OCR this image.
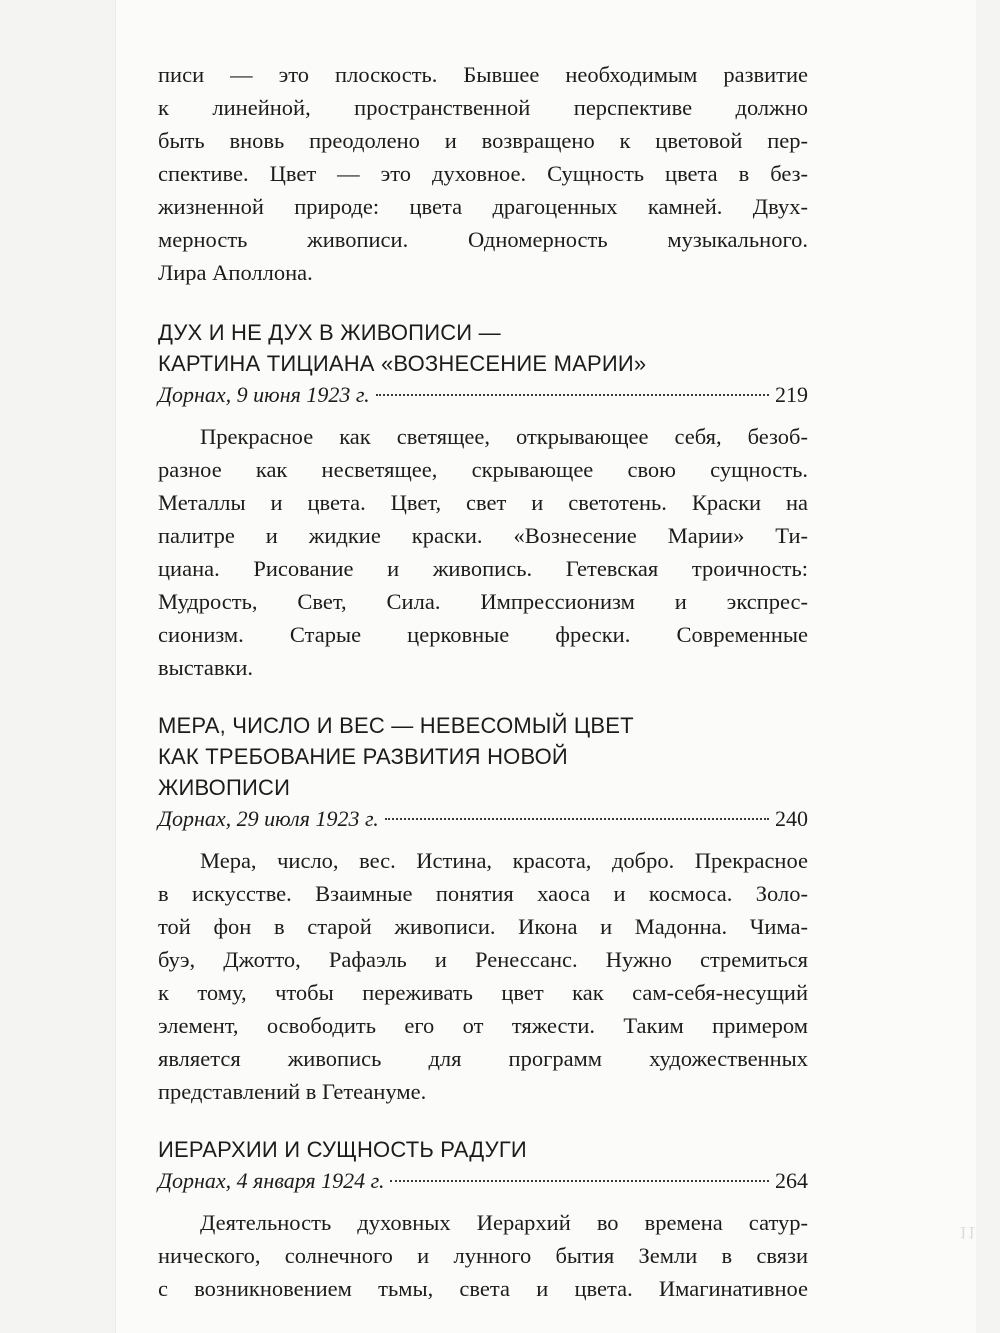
писи — это плоскость. Бывшее необходимым развитие
к линейной, пространственной перспективе должно
быть вновь преодолено и возвращено к цветовой пер-
спективе. Цвет — это духовное. Сущность цвета в без-
жизненной природе: цвета драгоценных камней. Двух-
мерность живописи. Одномерность музыкального.
Лира Аполлона.

ДУХ И НЕ ДУХ В ЖИВОПИСИ —
КАРТИНА ТИЦИАНА «ВОЗНЕСЕНИЕ МАРИИ»
Дорнах, 9 июня 1923 г.	219

Прекрасное как светящее, открывающее себя, безоб-
разное как несветящее, скрывающее свою сущность.
Металлы и цвета. Цвет, свет и светотень. Краски на
палитре и жидкие краски. «Вознесение Марии» Ти-
циана. Рисование и живопись. Гетевская троичность:
Мудрость, Свет, Сила. Импрессионизм и экспрес-
сионизм. Старые церковные фрески. Современные
выставки.

МЕРА, ЧИСЛО И ВЕС — НЕВЕСОМЫЙ ЦВЕТ
КАК ТРЕБОВАНИЕ РАЗВИТИЯ НОВОЙ
ЖИВОПИСИ
Дорнах, 29 июля 1923 г.	240

Мера, число, вес. Истина, красота, добро. Прекрасное
в искусстве. Взаимные понятия хаоса и космоса. Золо-
той фон в старой живописи. Икона и Мадонна. Чима-
буэ, Джотто, Рафаэль и Ренессанс. Нужно стремиться
к тому, чтобы переживать цвет как сам-себя-несущий
элемент, освободить его от тяжести. Таким примером
является живопись для программ художественных
представлений в Гетеануме.

ИЕРАРХИИ И СУЩНОСТЬ РАДУГИ
Дорнах, 4 января 1924 г.	264

Деятельность духовных Иерархий во времена сатур-
нического, солнечного и лунного бытия Земли в связи
с возникновением тьмы, света и цвета. Имагинативное

11
